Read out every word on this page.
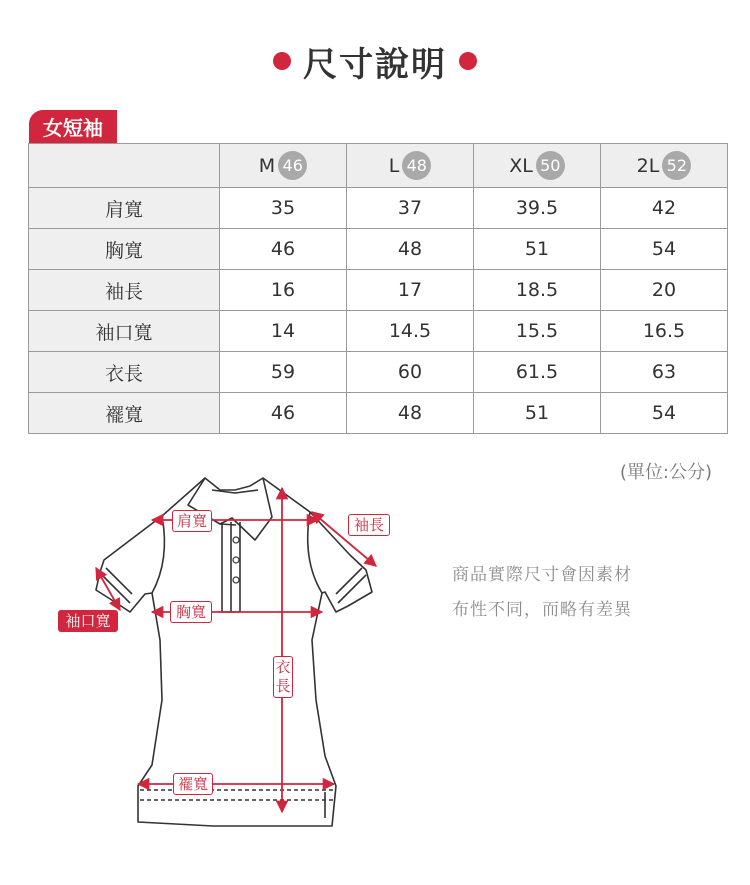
尺寸說明
女短袖

	M 46	L 48	XL 50	2L 52

肩寬	35	37	39.5	42
胸寬	46	48	51	54
袖長	16	17	18.5	20
袖口寬	14	14.5	15.5	16.5
衣長	59	60	61.5	63
襬寬	46	48	51	54
(單位:公分)
肩寬	袖長
袖口寬	胸寬
衣長
襬寬
商品實際尺寸會因素材
布性不同，而略有差異
